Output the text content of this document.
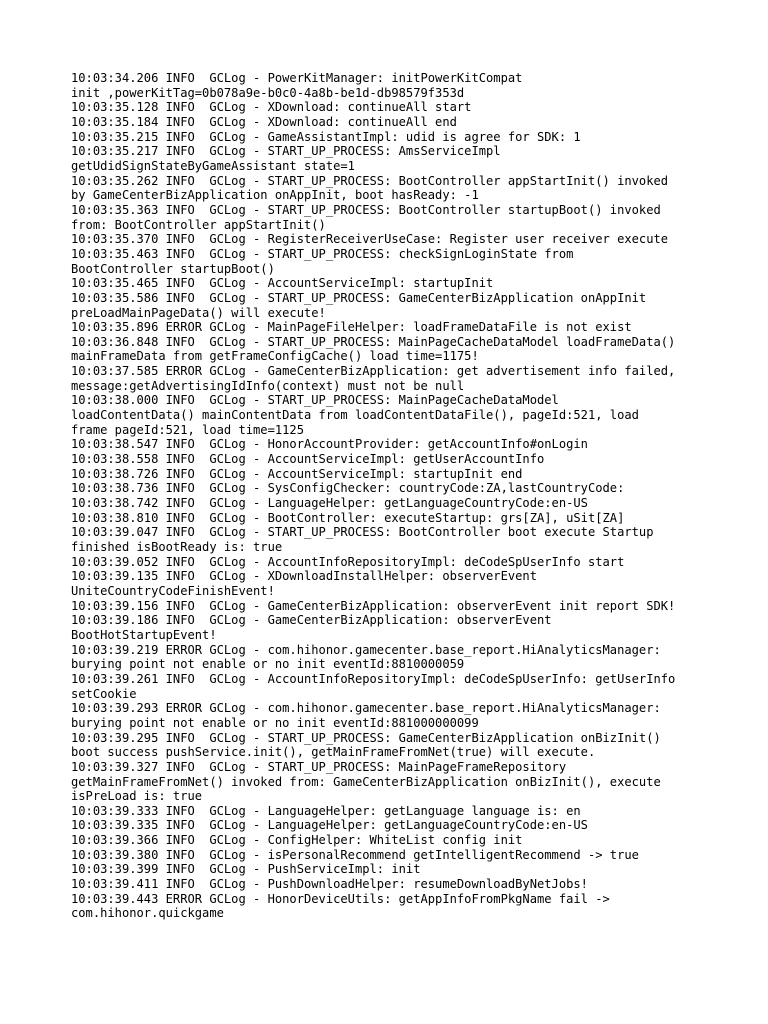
10:03:34.206 INFO  GCLog - PowerKitManager: initPowerKitCompat
init ,powerKitTag=0b078a9e-b0c0-4a8b-be1d-db98579f353d
10:03:35.128 INFO  GCLog - XDownload: continueAll start
10:03:35.184 INFO  GCLog - XDownload: continueAll end
10:03:35.215 INFO  GCLog - GameAssistantImpl: udid is agree for SDK: 1
10:03:35.217 INFO  GCLog - START_UP_PROCESS: AmsServiceImpl
getUdidSignStateByGameAssistant state=1
10:03:35.262 INFO  GCLog - START_UP_PROCESS: BootController appStartInit() invoked
by GameCenterBizApplication onAppInit, boot hasReady: -1
10:03:35.363 INFO  GCLog - START_UP_PROCESS: BootController startupBoot() invoked
from: BootController appStartInit()
10:03:35.370 INFO  GCLog - RegisterReceiverUseCase: Register user receiver execute
10:03:35.463 INFO  GCLog - START_UP_PROCESS: checkSignLoginState from
BootController startupBoot()
10:03:35.465 INFO  GCLog - AccountServiceImpl: startupInit
10:03:35.586 INFO  GCLog - START_UP_PROCESS: GameCenterBizApplication onAppInit
preLoadMainPageData() will execute!
10:03:35.896 ERROR GCLog - MainPageFileHelper: loadFrameDataFile is not exist
10:03:36.848 INFO  GCLog - START_UP_PROCESS: MainPageCacheDataModel loadFrameData()
mainFrameData from getFrameConfigCache() load time=1175!
10:03:37.585 ERROR GCLog - GameCenterBizApplication: get advertisement info failed,
message:getAdvertisingIdInfo(context) must not be null
10:03:38.000 INFO  GCLog - START_UP_PROCESS: MainPageCacheDataModel
loadContentData() mainContentData from loadContentDataFile(), pageId:521, load
frame pageId:521, load time=1125
10:03:38.547 INFO  GCLog - HonorAccountProvider: getAccountInfo#onLogin
10:03:38.558 INFO  GCLog - AccountServiceImpl: getUserAccountInfo
10:03:38.726 INFO  GCLog - AccountServiceImpl: startupInit end
10:03:38.736 INFO  GCLog - SysConfigChecker: countryCode:ZA,lastCountryCode:
10:03:38.742 INFO  GCLog - LanguageHelper: getLanguageCountryCode:en-US
10:03:38.810 INFO  GCLog - BootController: executeStartup: grs[ZA], uSit[ZA]
10:03:39.047 INFO  GCLog - START_UP_PROCESS: BootController boot execute Startup
finished isBootReady is: true
10:03:39.052 INFO  GCLog - AccountInfoRepositoryImpl: deCodeSpUserInfo start
10:03:39.135 INFO  GCLog - XDownloadInstallHelper: observerEvent
UniteCountryCodeFinishEvent!
10:03:39.156 INFO  GCLog - GameCenterBizApplication: observerEvent init report SDK!
10:03:39.186 INFO  GCLog - GameCenterBizApplication: observerEvent
BootHotStartupEvent!
10:03:39.219 ERROR GCLog - com.hihonor.gamecenter.base_report.HiAnalyticsManager:
burying point not enable or no init eventId:8810000059
10:03:39.261 INFO  GCLog - AccountInfoRepositoryImpl: deCodeSpUserInfo: getUserInfo
setCookie
10:03:39.293 ERROR GCLog - com.hihonor.gamecenter.base_report.HiAnalyticsManager:
burying point not enable or no init eventId:881000000099
10:03:39.295 INFO  GCLog - START_UP_PROCESS: GameCenterBizApplication onBizInit()
boot success pushService.init(), getMainFrameFromNet(true) will execute.
10:03:39.327 INFO  GCLog - START_UP_PROCESS: MainPageFrameRepository
getMainFrameFromNet() invoked from: GameCenterBizApplication onBizInit(), execute
isPreLoad is: true
10:03:39.333 INFO  GCLog - LanguageHelper: getLanguage language is: en
10:03:39.335 INFO  GCLog - LanguageHelper: getLanguageCountryCode:en-US
10:03:39.366 INFO  GCLog - ConfigHelper: WhiteList config init
10:03:39.380 INFO  GCLog - isPersonalRecommend getIntelligentRecommend -> true
10:03:39.399 INFO  GCLog - PushServiceImpl: init
10:03:39.411 INFO  GCLog - PushDownloadHelper: resumeDownloadByNetJobs!
10:03:39.443 ERROR GCLog - HonorDeviceUtils: getAppInfoFromPkgName fail ->
com.hihonor.quickgame
